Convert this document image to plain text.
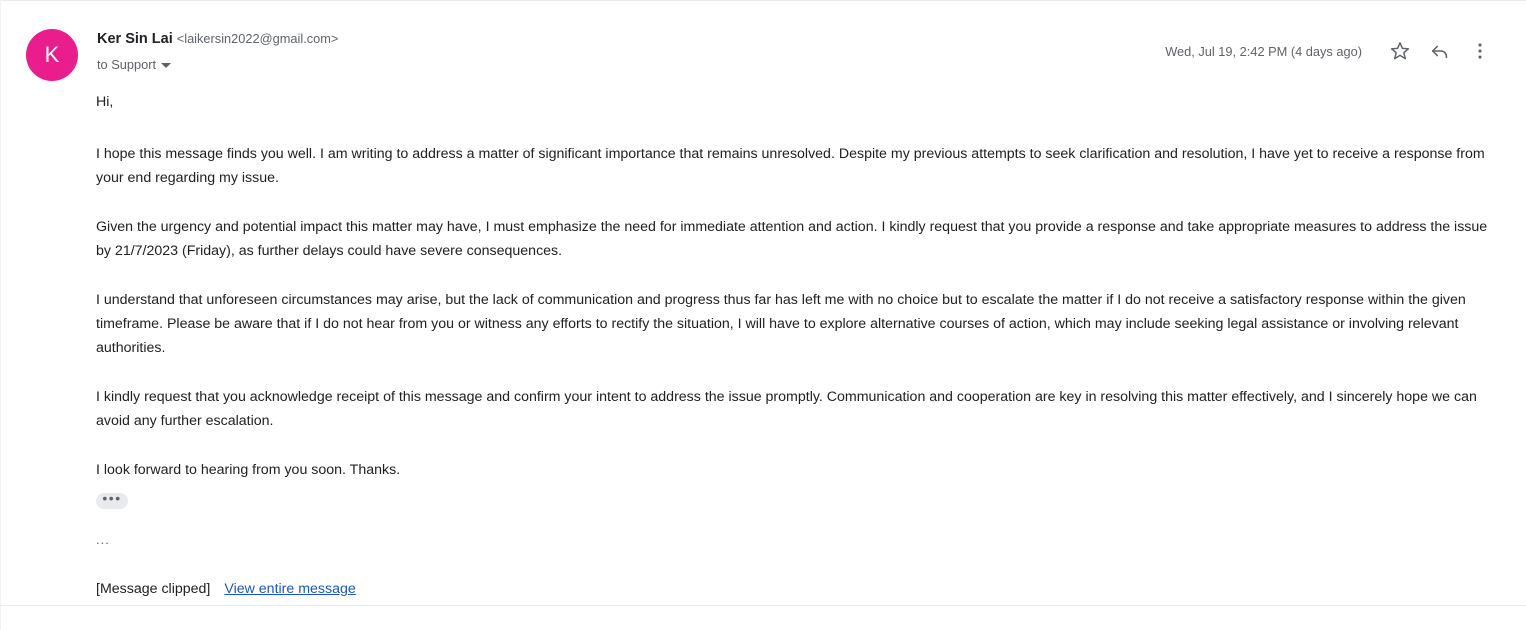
K
Ker Sin Lai <laikersin2022@gmail.com>
to Support
Wed, Jul 19, 2:42 PM (4 days ago)

Hi,

I hope this message finds you well. I am writing to address a matter of significant importance that remains unresolved. Despite my previous attempts to seek clarification and resolution, I have yet to receive a response from your end regarding my issue.

Given the urgency and potential impact this matter may have, I must emphasize the need for immediate attention and action. I kindly request that you provide a response and take appropriate measures to address the issue by 21/7/2023 (Friday), as further delays could have severe consequences.

I understand that unforeseen circumstances may arise, but the lack of communication and progress thus far has left me with no choice but to escalate the matter if I do not receive a satisfactory response within the given timeframe. Please be aware that if I do not hear from you or witness any efforts to rectify the situation, I will have to explore alternative courses of action, which may include seeking legal assistance or involving relevant authorities.

I kindly request that you acknowledge receipt of this message and confirm your intent to address the issue promptly. Communication and cooperation are key in resolving this matter effectively, and I sincerely hope we can avoid any further escalation.

I look forward to hearing from you soon. Thanks.

•••

...

[Message clipped] View entire message
